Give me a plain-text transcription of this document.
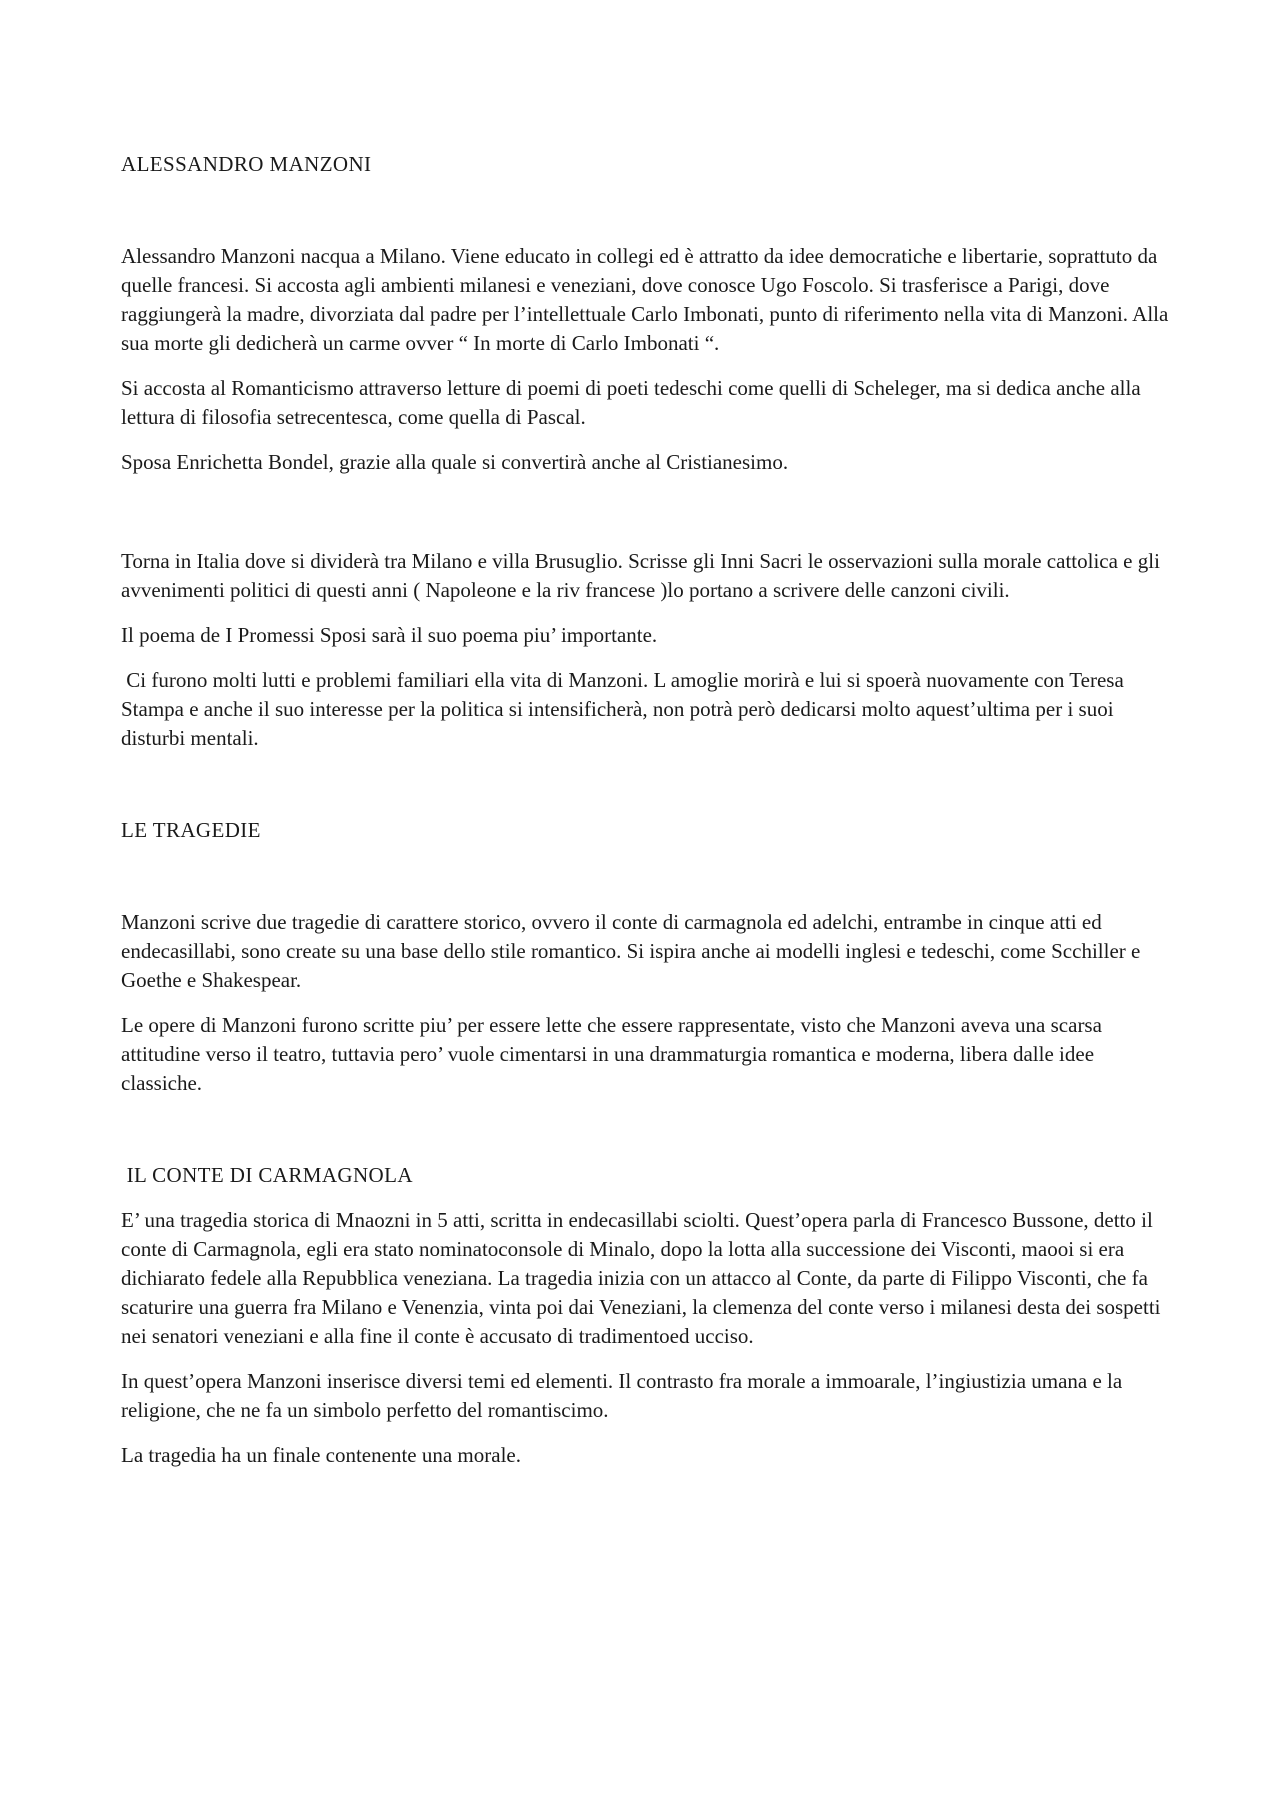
ALESSANDRO MANZONI

Alessandro Manzoni nacqua a Milano. Viene educato in collegi ed è attratto da idee democratiche e libertarie, soprattuto da quelle francesi. Si accosta agli ambienti milanesi e veneziani, dove conosce Ugo Foscolo. Si trasferisce a Parigi, dove raggiungerà la madre, divorziata dal padre per l’intellettuale Carlo Imbonati, punto di riferimento nella vita di Manzoni. Alla sua morte gli dedicherà un carme ovver “ In morte di Carlo Imbonati “.

Si accosta al Romanticismo attraverso letture di poemi di poeti tedeschi come quelli di Scheleger, ma si dedica anche alla lettura di filosofia setrecentesca, come quella di Pascal.

Sposa Enrichetta Bondel, grazie alla quale si convertirà anche al Cristianesimo.

Torna in Italia dove si dividerà tra Milano e villa Brusuglio. Scrisse gli Inni Sacri le osservazioni sulla morale cattolica e gli avvenimenti politici di questi anni ( Napoleone e la riv francese )lo portano a scrivere delle canzoni civili.

Il poema de I Promessi Sposi sarà il suo poema piu’ importante.

Ci furono molti lutti e problemi familiari ella vita di Manzoni. L amoglie morirà e lui si spoerà nuovamente con Teresa Stampa e anche il suo interesse per la politica si intensificherà, non potrà però dedicarsi molto aquest’ultima per i suoi disturbi mentali.

LE TRAGEDIE

Manzoni scrive due tragedie di carattere storico, ovvero il conte di carmagnola ed adelchi, entrambe in cinque atti ed endecasillabi, sono create su una base dello stile romantico. Si ispira anche ai modelli inglesi e tedeschi, come Scchiller e Goethe e Shakespear.

Le opere di Manzoni furono scritte piu’ per essere lette che essere rappresentate, visto che Manzoni aveva una scarsa attitudine verso il teatro, tuttavia pero’ vuole cimentarsi in una drammaturgia romantica e moderna, libera dalle idee classiche.

IL CONTE DI CARMAGNOLA

E’ una tragedia storica di Mnaozni in 5 atti, scritta in endecasillabi sciolti. Quest’opera parla di Francesco Bussone, detto il conte di Carmagnola, egli era stato nominatoconsole di Minalo, dopo la lotta alla successione dei Visconti, maooi si era dichiarato fedele alla Repubblica veneziana. La tragedia inizia con un attacco al Conte, da parte di Filippo Visconti, che fa scaturire una guerra fra Milano e Venenzia, vinta poi dai Veneziani, la clemenza del conte verso i milanesi desta dei sospetti nei senatori veneziani e alla fine il conte è accusato di tradimentoed ucciso.

In quest’opera Manzoni inserisce diversi temi ed elementi. Il contrasto fra morale a immoarale, l’ingiustizia umana e la religione, che ne fa un simbolo perfetto del romantiscimo.

La tragedia ha un finale contenente una morale.
